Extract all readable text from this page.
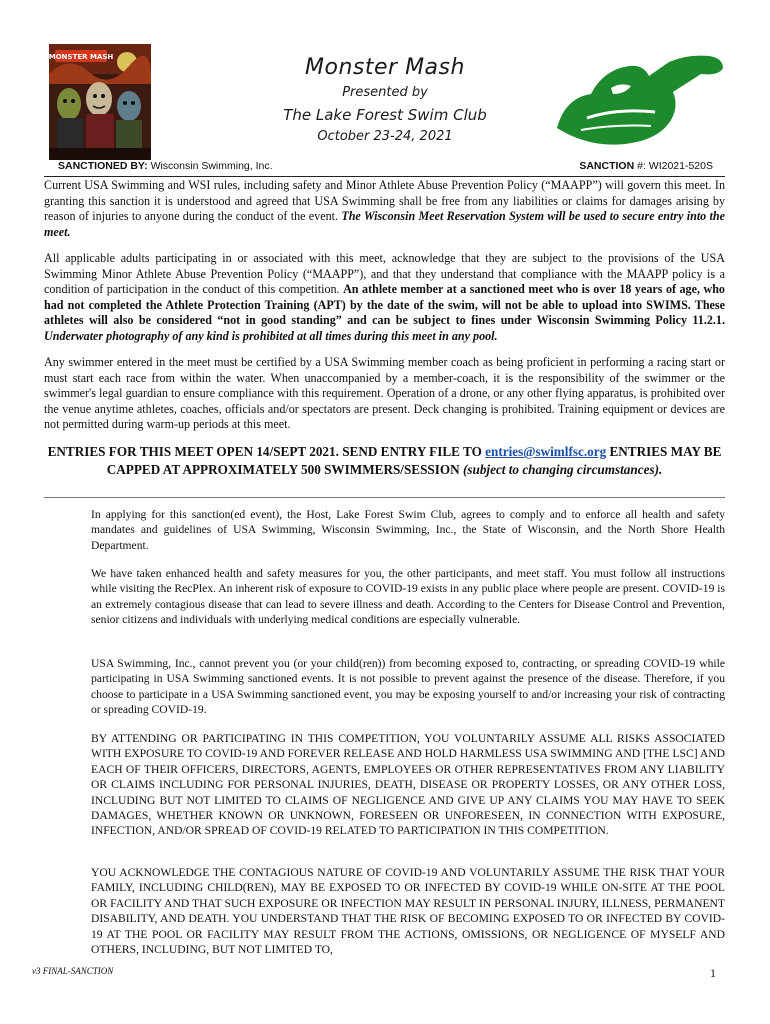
MONSTER MASH	Monster Mash
Presented by
The Lake Forest Swim Club
October 23-24, 2021
SANCTIONED BY: Wisconsin Swimming, Inc.	SANCTION #: WI2021-520S
Current USA Swimming and WSI rules, including safety and Minor Athlete Abuse Prevention Policy (“MAAPP”) will govern this meet. In granting this sanction it is understood and agreed that USA Swimming shall be free from any liabilities or claims for damages arising by reason of injuries to anyone during the conduct of the event. The Wisconsin Meet Reservation System will be used to secure entry into the meet.
All applicable adults participating in or associated with this meet, acknowledge that they are subject to the provisions of the USA Swimming Minor Athlete Abuse Prevention Policy (“MAAPP”), and that they understand that compliance with the MAAPP policy is a condition of participation in the conduct of this competition. An athlete member at a sanctioned meet who is over 18 years of age, who had not completed the Athlete Protection Training (APT) by the date of the swim, will not be able to upload into SWIMS. These athletes will also be considered “not in good standing” and can be subject to fines under Wisconsin Swimming Policy 11.2.1. Underwater photography of any kind is prohibited at all times during this meet in any pool.
Any swimmer entered in the meet must be certified by a USA Swimming member coach as being proficient in performing a racing start or must start each race from within the water. When unaccompanied by a member-coach, it is the responsibility of the swimmer or the swimmer's legal guardian to ensure compliance with this requirement. Operation of a drone, or any other flying apparatus, is prohibited over the venue anytime athletes, coaches, officials and/or spectators are present. Deck changing is prohibited. Training equipment or devices are not permitted during warm-up periods at this meet.
ENTRIES FOR THIS MEET OPEN 14/SEPT 2021. SEND ENTRY FILE TO entries@swimlfsc.org ENTRIES MAY BE CAPPED AT APPROXIMATELY 500 SWIMMERS/SESSION (subject to changing circumstances).
In applying for this sanction(ed event), the Host, Lake Forest Swim Club, agrees to comply and to enforce all health and safety mandates and guidelines of USA Swimming, Wisconsin Swimming, Inc., the State of Wisconsin, and the North Shore Health Department.
We have taken enhanced health and safety measures for you, the other participants, and meet staff. You must follow all instructions while visiting the RecPlex. An inherent risk of exposure to COVID-19 exists in any public place where people are present. COVID-19 is an extremely contagious disease that can lead to severe illness and death. According to the Centers for Disease Control and Prevention, senior citizens and individuals with underlying medical conditions are especially vulnerable.
USA Swimming, Inc., cannot prevent you (or your child(ren)) from becoming exposed to, contracting, or spreading COVID-19 while participating in USA Swimming sanctioned events. It is not possible to prevent against the presence of the disease. Therefore, if you choose to participate in a USA Swimming sanctioned event, you may be exposing yourself to and/or increasing your risk of contracting or spreading COVID-19.
BY ATTENDING OR PARTICIPATING IN THIS COMPETITION, YOU VOLUNTARILY ASSUME ALL RISKS ASSOCIATED WITH EXPOSURE TO COVID-19 AND FOREVER RELEASE AND HOLD HARMLESS USA SWIMMING AND [THE LSC] AND EACH OF THEIR OFFICERS, DIRECTORS, AGENTS, EMPLOYEES OR OTHER REPRESENTATIVES FROM ANY LIABILITY OR CLAIMS INCLUDING FOR PERSONAL INJURIES, DEATH, DISEASE OR PROPERTY LOSSES, OR ANY OTHER LOSS, INCLUDING BUT NOT LIMITED TO CLAIMS OF NEGLIGENCE AND GIVE UP ANY CLAIMS YOU MAY HAVE TO SEEK DAMAGES, WHETHER KNOWN OR UNKNOWN, FORESEEN OR UNFORESEEN, IN CONNECTION WITH EXPOSURE, INFECTION, AND/OR SPREAD OF COVID-19 RELATED TO PARTICIPATION IN THIS COMPETITION.
YOU ACKNOWLEDGE THE CONTAGIOUS NATURE OF COVID-19 AND VOLUNTARILY ASSUME THE RISK THAT YOUR FAMILY, INCLUDING CHILD(REN), MAY BE EXPOSED TO OR INFECTED BY COVID-19 WHILE ON-SITE AT THE POOL OR FACILITY AND THAT SUCH EXPOSURE OR INFECTION MAY RESULT IN PERSONAL INJURY, ILLNESS, PERMANENT DISABILITY, AND DEATH. YOU UNDERSTAND THAT THE RISK OF BECOMING EXPOSED TO OR INFECTED BY COVID-19 AT THE POOL OR FACILITY MAY RESULT FROM THE ACTIONS, OMISSIONS, OR NEGLIGENCE OF MYSELF AND OTHERS, INCLUDING, BUT NOT LIMITED TO,
v3 FINAL-SANCTION	1
